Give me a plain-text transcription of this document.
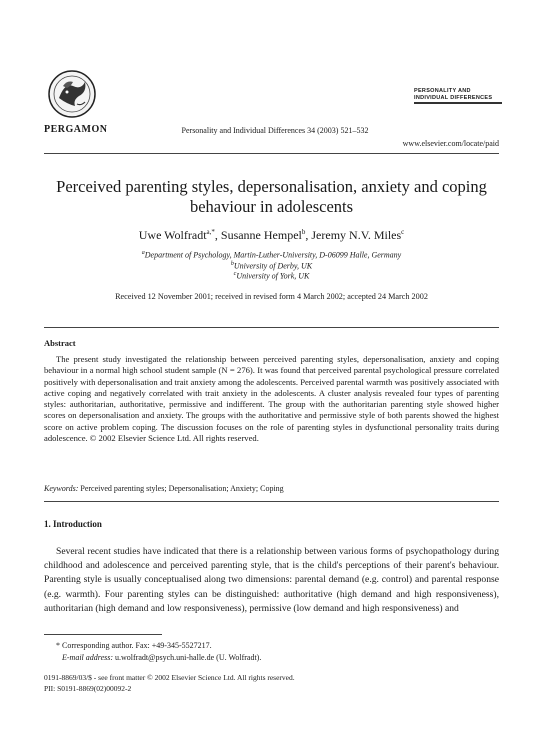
PERGAMON	Personality and Individual Differences 34 (2003) 521–532
PERSONALITY AND
INDIVIDUAL DIFFERENCES
www.elsevier.com/locate/paid
Perceived parenting styles, depersonalisation, anxiety and coping behaviour in adolescents
Uwe Wolfradt$^{a,*}$, Susanne Hempel$^b$, Jeremy N.V. Miles$^c$
$^a$Department of Psychology, Martin-Luther-University, D-06099 Halle, Germany
$^b$University of Derby, UK
$^c$University of York, UK
Received 12 November 2001; received in revised form 4 March 2002; accepted 24 March 2002
Abstract
The present study investigated the relationship between perceived parenting styles, depersonalisation, anxiety and coping behaviour in a normal high school student sample (N = 276). It was found that perceived parental psychological pressure correlated positively with depersonalisation and trait anxiety among the adolescents. Perceived parental warmth was positively associated with active coping and negatively correlated with trait anxiety in the adolescents. A cluster analysis revealed four types of parenting styles: authoritarian, authoritative, permissive and indifferent. The group with the authoritarian parenting style showed higher scores on depersonalisation and anxiety. The groups with the authoritative and permissive style of both parents showed the highest score on active problem coping. The discussion focuses on the role of parenting styles in dysfunctional personality traits during adolescence. © 2002 Elsevier Science Ltd. All rights reserved.
Keywords: Perceived parenting styles; Depersonalisation; Anxiety; Coping
1. Introduction
Several recent studies have indicated that there is a relationship between various forms of psychopathology during childhood and adolescence and perceived parenting style, that is the child's perceptions of their parent's behaviour. Parenting style is usually conceptualised along two dimensions: parental demand (e.g. control) and parental response (e.g. warmth). Four parenting styles can be distinguished: authoritative (high demand and high responsiveness), authoritarian (high demand and low responsiveness), permissive (low demand and high responsiveness) and
* Corresponding author. Fax: +49-345-5527217.
E-mail address: u.wolfradt@psych.uni-halle.de (U. Wolfradt).
0191-8869/03/$ - see front matter © 2002 Elsevier Science Ltd. All rights reserved.
PII: S0191-8869(02)00092-2
